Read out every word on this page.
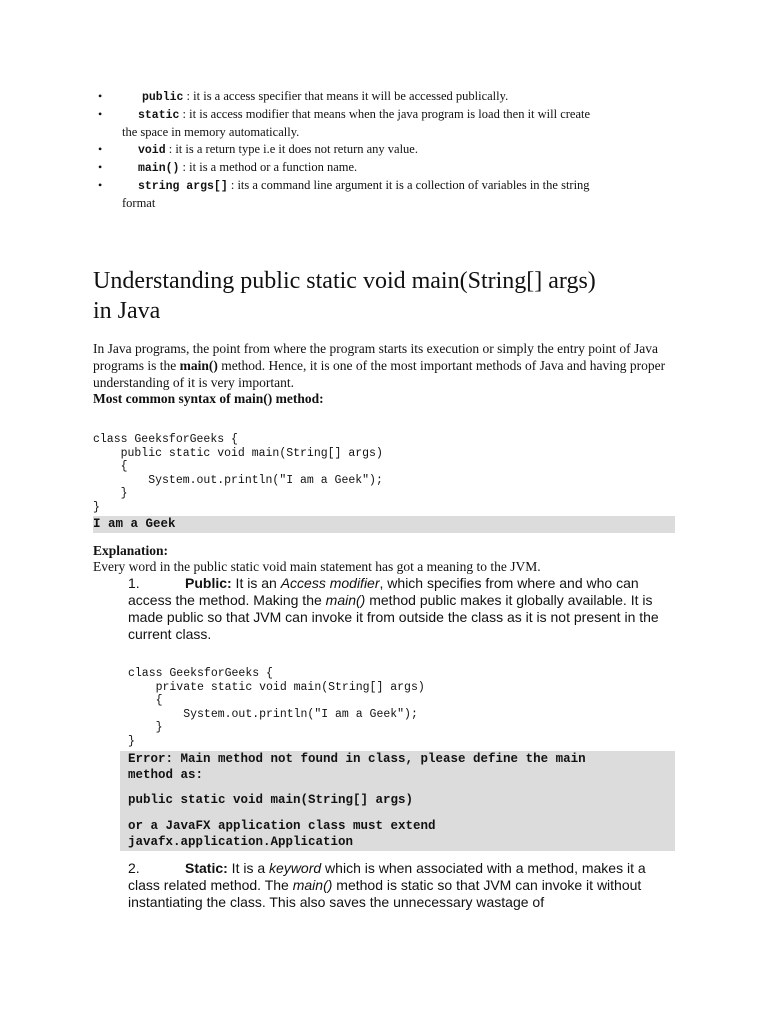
•	public : it is a access specifier that means it will be accessed publically.
•	static : it is access modifier that means when the java program is load then it will create
the space in memory automatically.
•	void : it is a return type i.e it does not return any value.
•	main() : it is a method or a function name.
•	string args[] : its a command line argument it is a collection of variables in the string
format
Understanding public static void main(String[] args)
in Java
In Java programs, the point from where the program starts its execution or simply the entry point of Java programs is the main() method. Hence, it is one of the most important methods of Java and having proper understanding of it is very important.
Most common syntax of main() method:
class GeeksforGeeks {
public static void main(String[] args)
{
System.out.println("I am a Geek");
}
}
I am a Geek
Explanation:
Every word in the public static void main statement has got a meaning to the JVM.
1.	Public: It is an Access modifier, which specifies from where and who can access the method. Making the main() method public makes it globally available. It is made public so that JVM can invoke it from outside the class as it is not present in the current class.
class GeeksforGeeks {
private static void main(String[] args)
{
System.out.println("I am a Geek");
}
}
Error: Main method not found in class, please define the main
method as:
public static void main(String[] args)
or a JavaFX application class must extend
javafx.application.Application
2.	Static: It is a keyword which is when associated with a method, makes it a class related method. The main() method is static so that JVM can invoke it without instantiating the class. This also saves the unnecessary wastage of
